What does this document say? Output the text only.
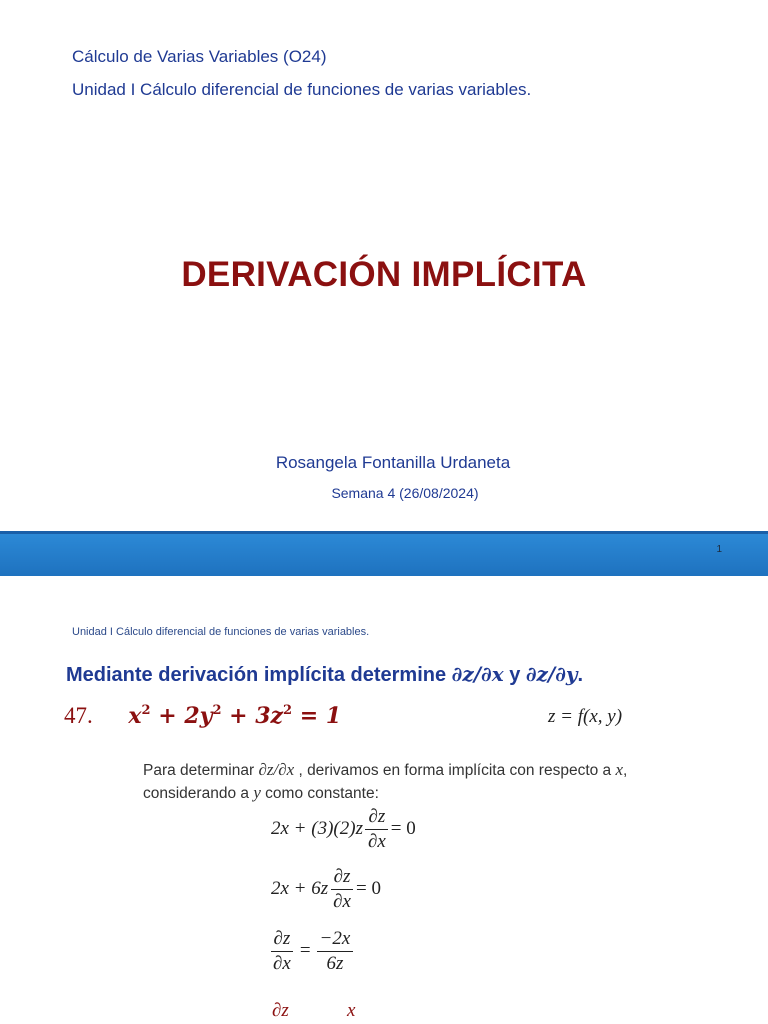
Cálculo de Varias Variables (O24)
Unidad I Cálculo diferencial de funciones de varias variables.
DERIVACIÓN IMPLÍCITA
Rosangela Fontanilla Urdaneta
Semana 4 (26/08/2024)
1
Unidad I Cálculo diferencial de funciones de varias variables.
Mediante derivación implícita determine ∂z/∂x y ∂z/∂y.
47. $x^2 + 2y^2 + 3z^2 = 1$	z = f(x, y)
Para determinar ∂z/∂x , derivamos en forma implícita con respecto a x, considerando a y como constante:
$2x + (3)(2)z \frac{\partial z}{\partial x} = 0$
$2x + 6z \frac{\partial z}{\partial x} = 0$
$\frac{\partial z}{\partial x} = \frac{-2x}{6z}$
∂z	x
